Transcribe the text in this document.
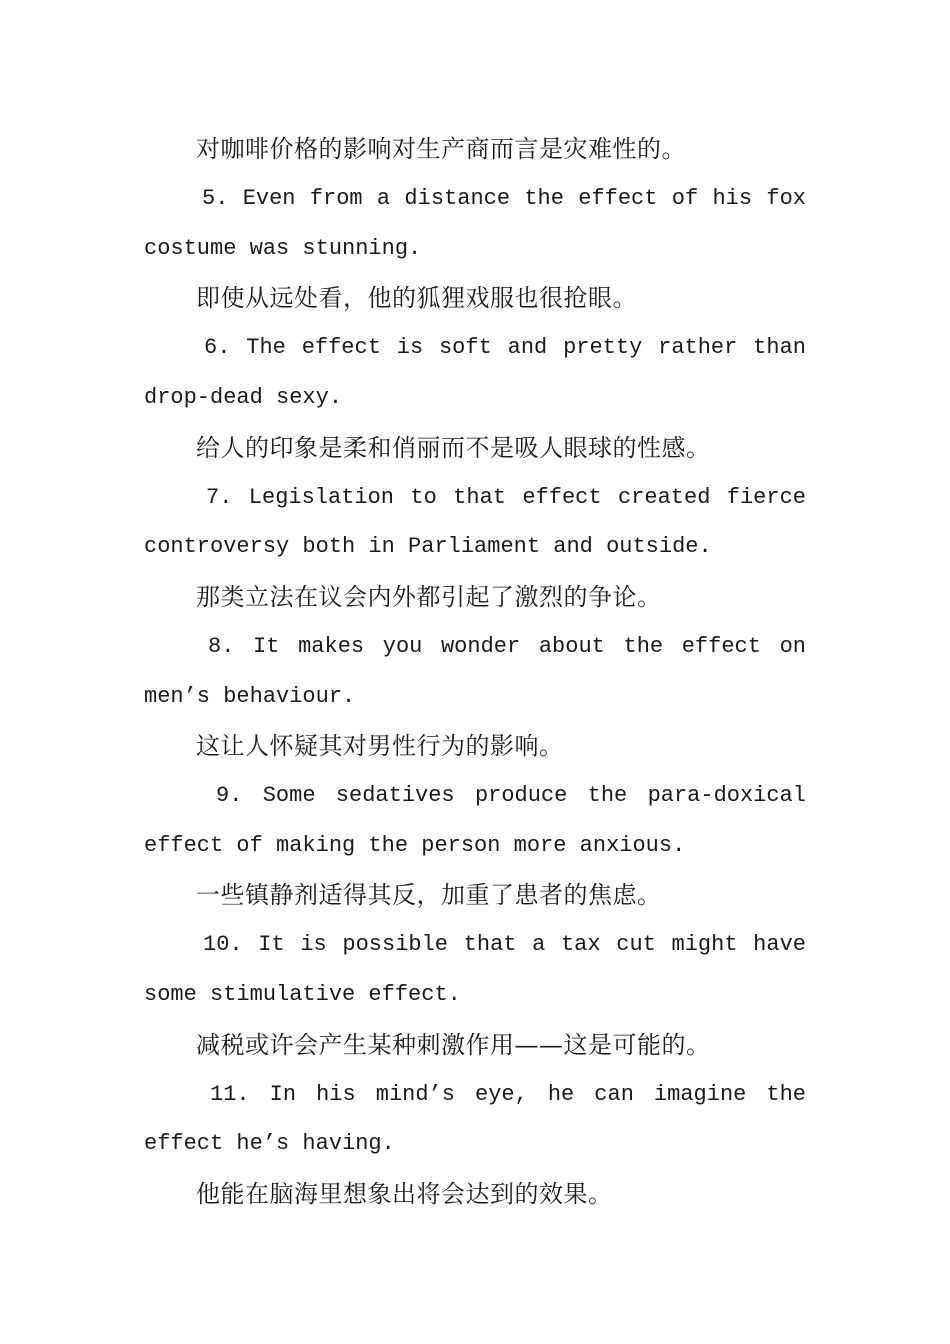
对咖啡价格的影响对生产商而言是灾难性的。
5. Even from a distance the effect of his fox
costume was stunning.
即使从远处看，他的狐狸戏服也很抢眼。
6. The effect is soft and pretty rather than
drop-dead sexy.
给人的印象是柔和俏丽而不是吸人眼球的性感。
7. Legislation to that effect created fierce
controversy both in Parliament and outside.
那类立法在议会内外都引起了激烈的争论。
8. It makes you wonder about the effect on
men’s behaviour.
这让人怀疑其对男性行为的影响。
9. Some sedatives produce the para-doxical
effect of making the person more anxious.
一些镇静剂适得其反，加重了患者的焦虑。
10. It is possible that a tax cut might have
some stimulative effect.
减税或许会产生某种刺激作用——这是可能的。
11. In his mind’s eye, he can imagine the
effect he’s having.
他能在脑海里想象出将会达到的效果。
